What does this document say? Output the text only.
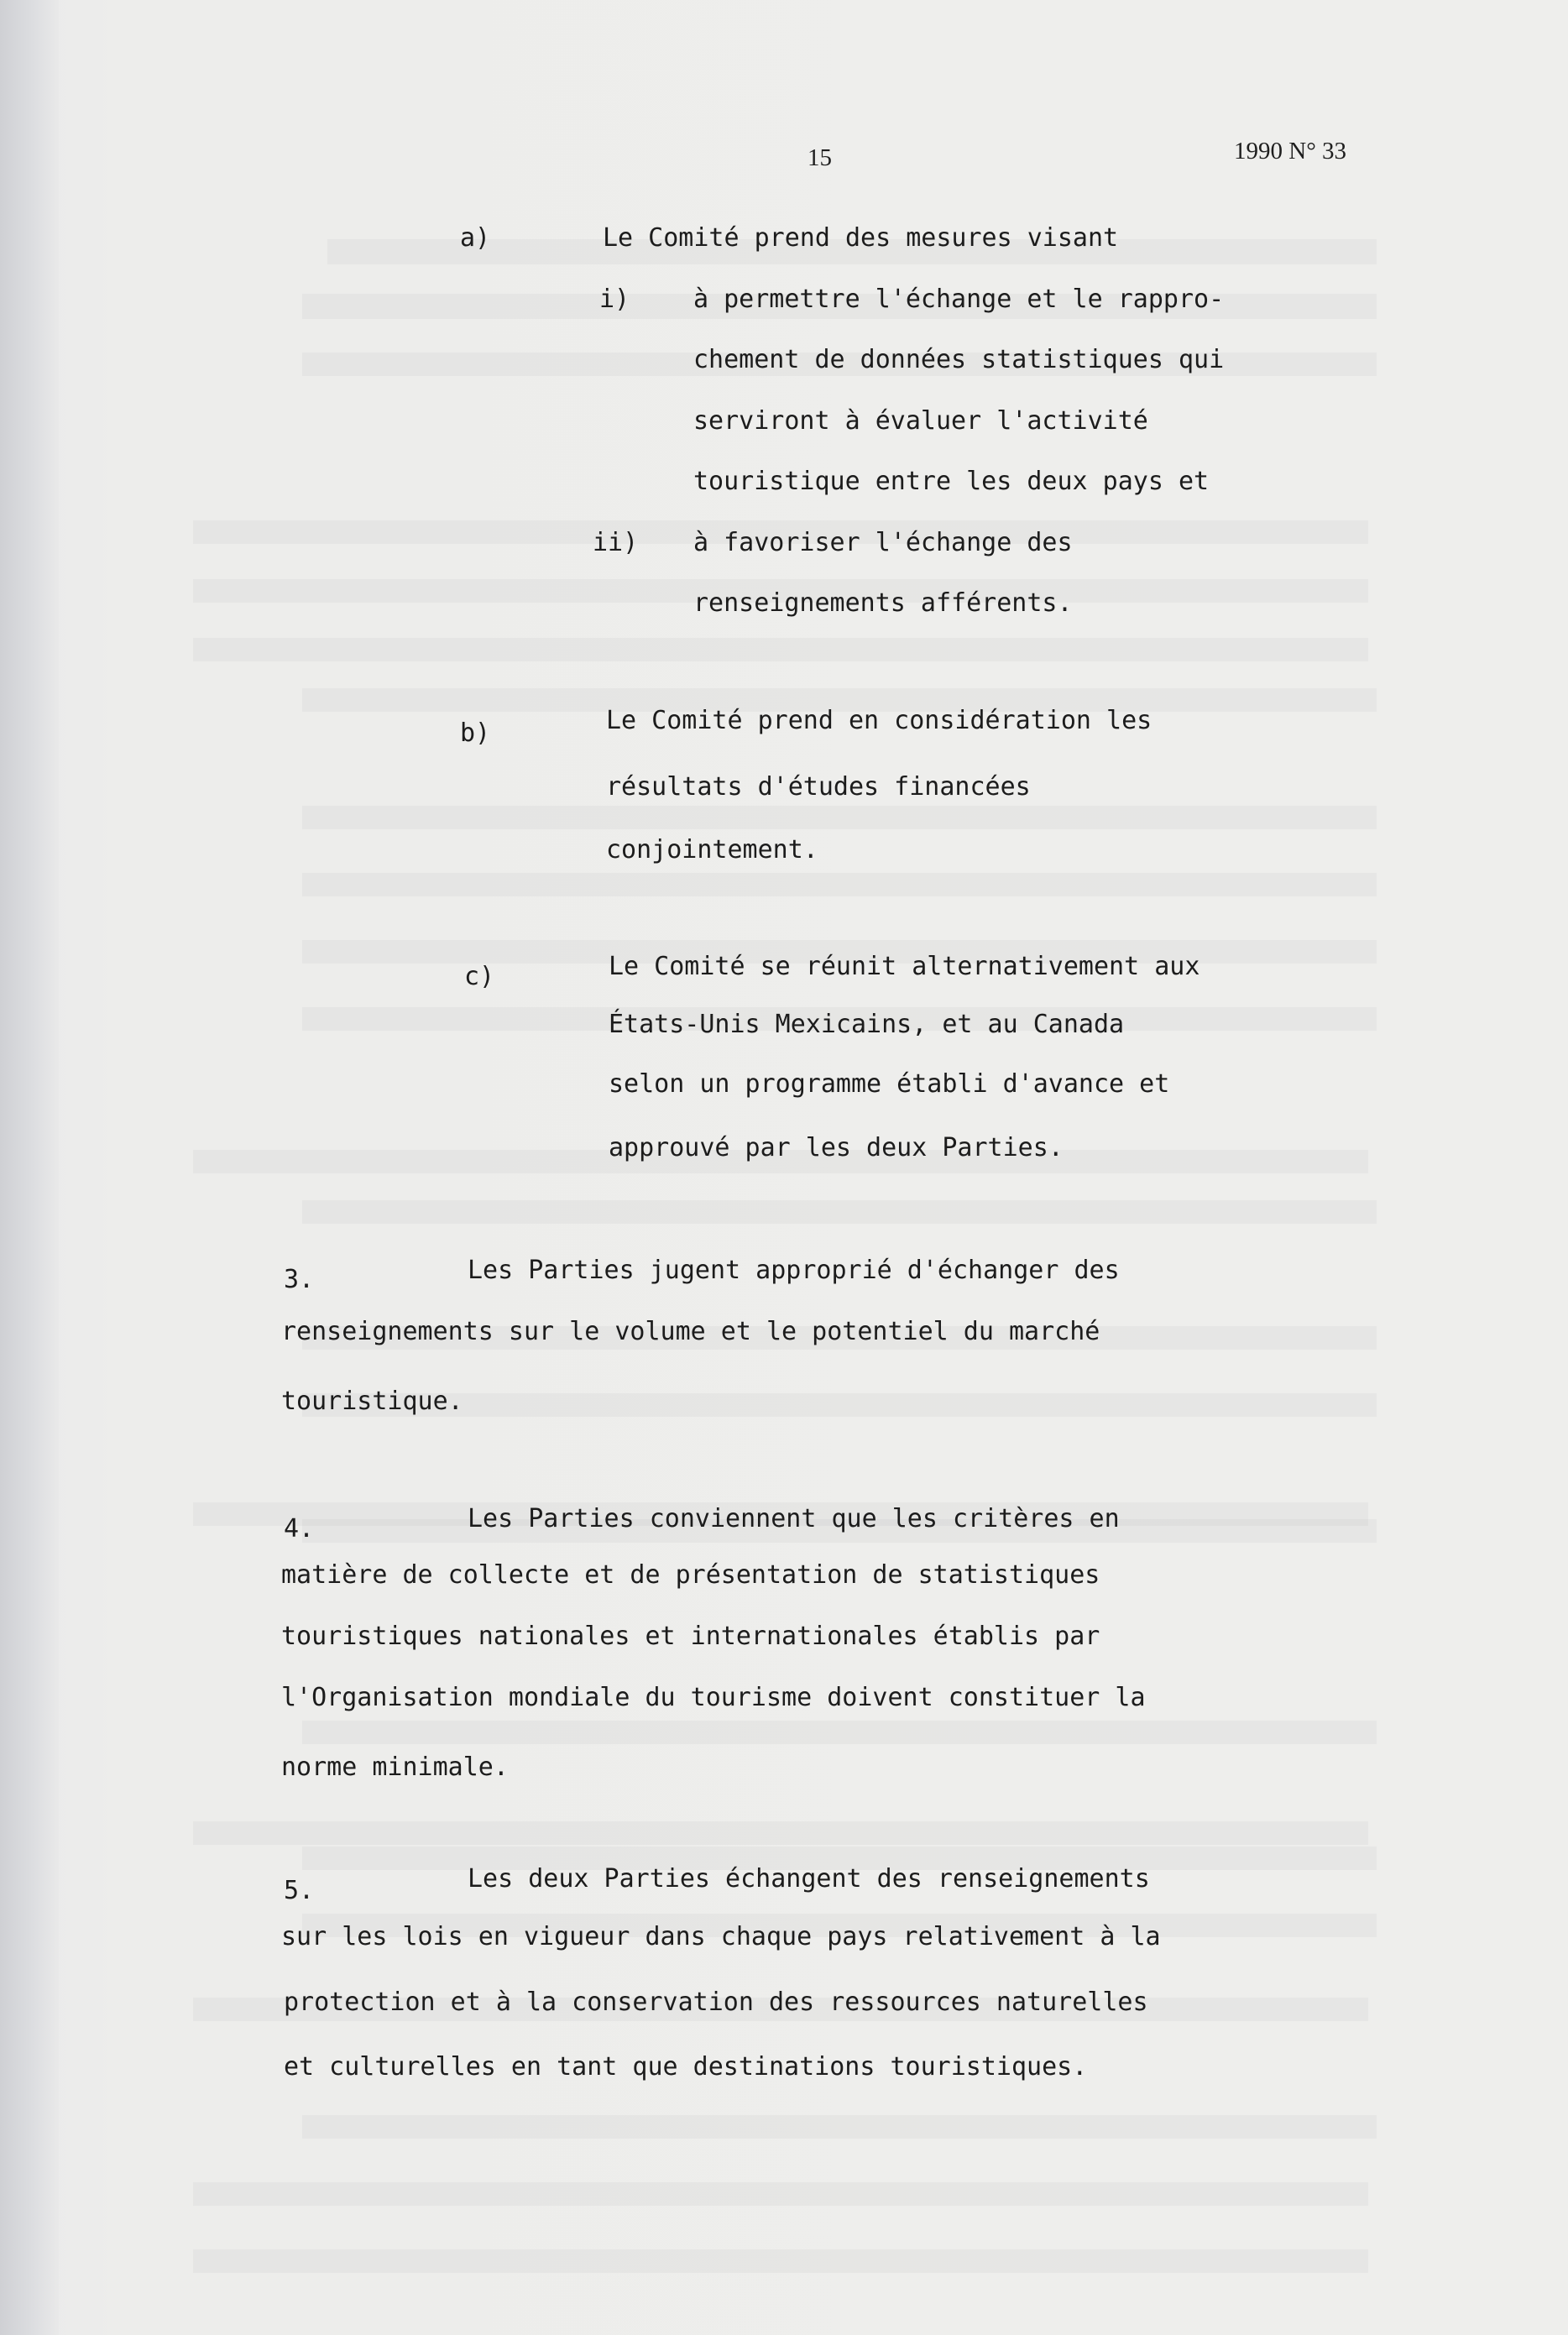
15	1990 N° 33
a)	Le Comité prend des mesures visant
i)	à permettre l'échange et le rappro-
chement de données statistiques qui
serviront à évaluer l'activité
touristique entre les deux pays et
ii) à favoriser l'échange des
renseignements afférents.
b)	Le Comité prend en considération les
résultats d'études financées
conjointement.
c)	Le Comité se réunit alternativement aux
États-Unis Mexicains, et au Canada
selon un programme établi d'avance et
approuvé par les deux Parties.
3.	Les Parties jugent approprié d'échanger des
renseignements sur le volume et le potentiel du marché
touristique.
4.	Les Parties conviennent que les critères en
matière de collecte et de présentation de statistiques
touristiques nationales et internationales établis par
l'Organisation mondiale du tourisme doivent constituer la
norme minimale.
5.	Les deux Parties échangent des renseignements
sur les lois en vigueur dans chaque pays relativement à la
protection et à la conservation des ressources naturelles
et culturelles en tant que destinations touristiques.
